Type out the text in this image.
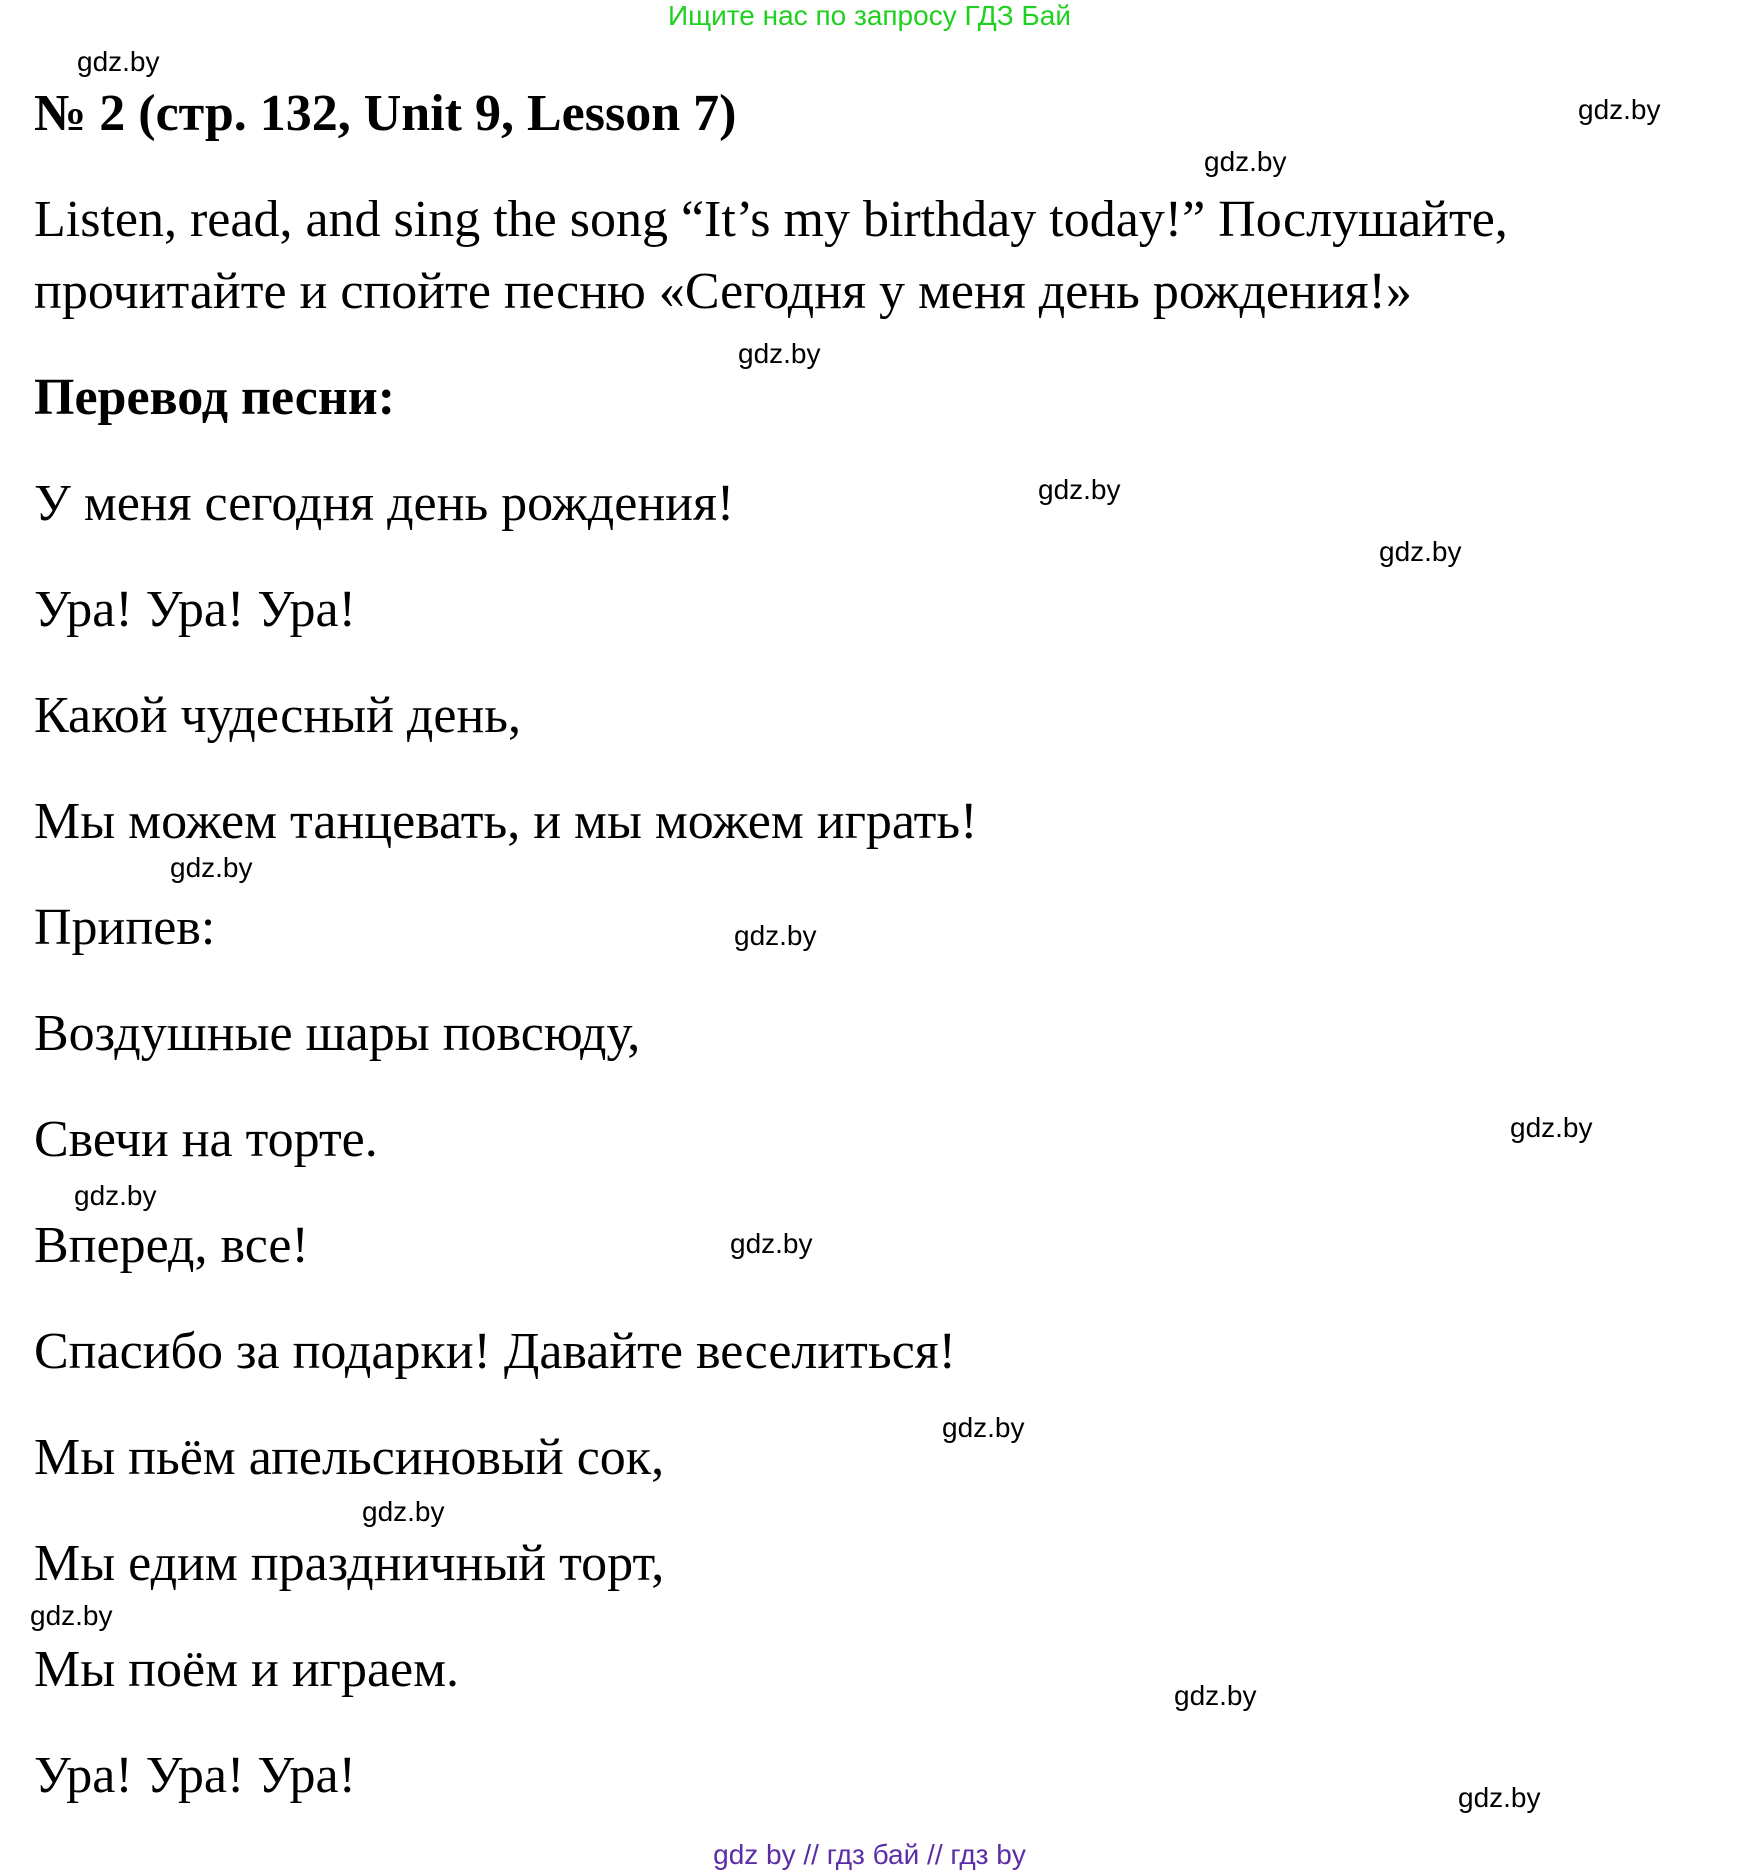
Ищите нас по запросу ГДЗ Бай
№ 2 (стр. 132, Unit 9, Lesson 7)
Listen, read, and sing the song “It’s my birthday today!” Послушайте,
прочитайте и спойте песню «Сегодня у меня день рождения!»
Перевод песни:
У меня сегодня день рождения!
Ура! Ура! Ура!
Какой чудесный день,
Мы можем танцевать, и мы можем играть!
Припев:
Воздушные шары повсюду,
Свечи на торте.
Вперед, все!
Спасибо за подарки! Давайте веселиться!
Мы пьём апельсиновый сок,
Мы едим праздничный торт,
Мы поём и играем.
Ура! Ура! Ура!
gdz.by
gdz.by
gdz.by
gdz.by
gdz.by
gdz.by
gdz.by
gdz.by
gdz.by
gdz.by
gdz.by
gdz.by
gdz.by
gdz.by
gdz.by
gdz.by
gdz by // гдз бай // гдз by
